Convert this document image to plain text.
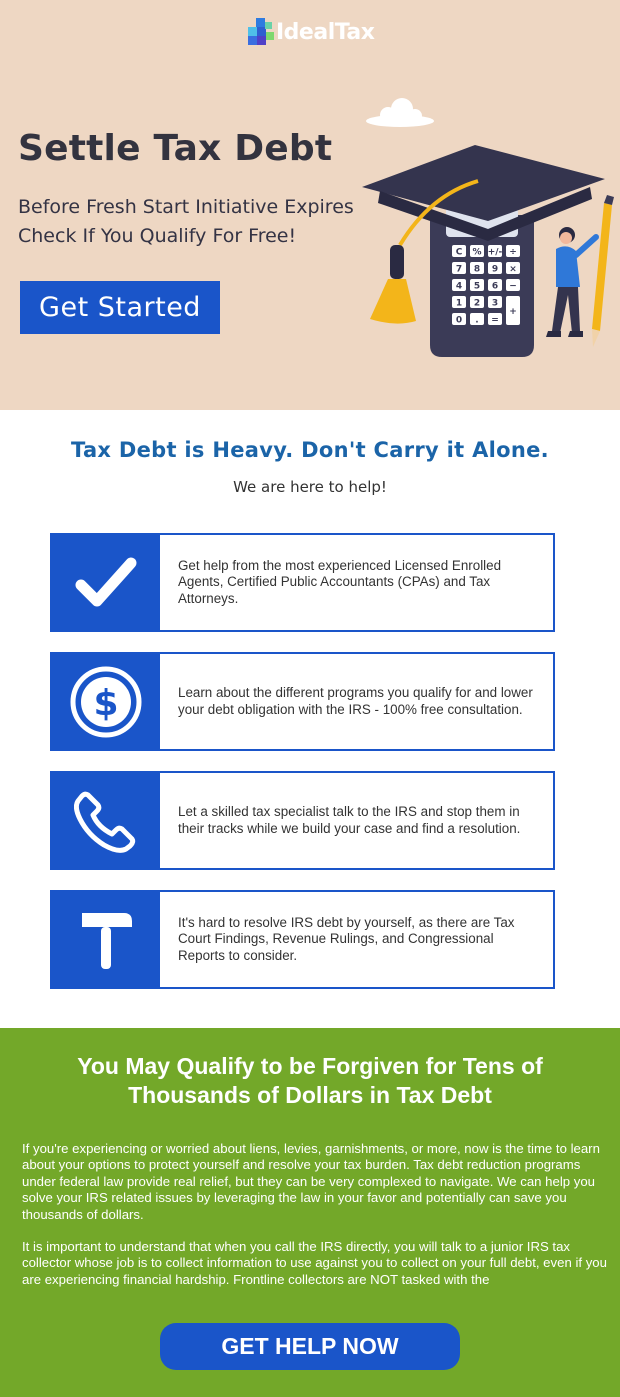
IdealTax
Settle Tax Debt
Before Fresh Start Initiative Expires
Check If You Qualify For Free!
Get Started
C % +/- ÷
7 8 9 ×
4 5 6 −
1 2 3
+
0 . =
Tax Debt is Heavy. Don't Carry it Alone.

We are here to help!

Get help from the most experienced Licensed Enrolled Agents, Certified Public Accountants (CPAs) and Tax Attorneys.
$	Learn about the different programs you qualify for and lower your debt obligation with the IRS - 100% free consultation.
Let a skilled tax specialist talk to the IRS and stop them in their tracks while we build your case and find a resolution.
It's hard to resolve IRS debt by yourself, as there are Tax Court Findings, Revenue Rulings, and Congressional Reports to consider.
You May Qualify to be Forgiven for Tens of Thousands of Dollars in Tax Debt

If you're experiencing or worried about liens, levies, garnishments, or more, now is the time to learn about your options to protect yourself and resolve your tax burden. Tax debt reduction programs under federal law provide real relief, but they can be very complexed to navigate. We can help you solve your IRS related issues by leveraging the law in your favor and potentially can save you thousands of dollars.

It is important to understand that when you call the IRS directly, you will talk to a junior IRS tax collector whose job is to collect information to use against you to collect on your full debt, even if you are experiencing financial hardship. Frontline collectors are NOT tasked with the

GET HELP NOW
